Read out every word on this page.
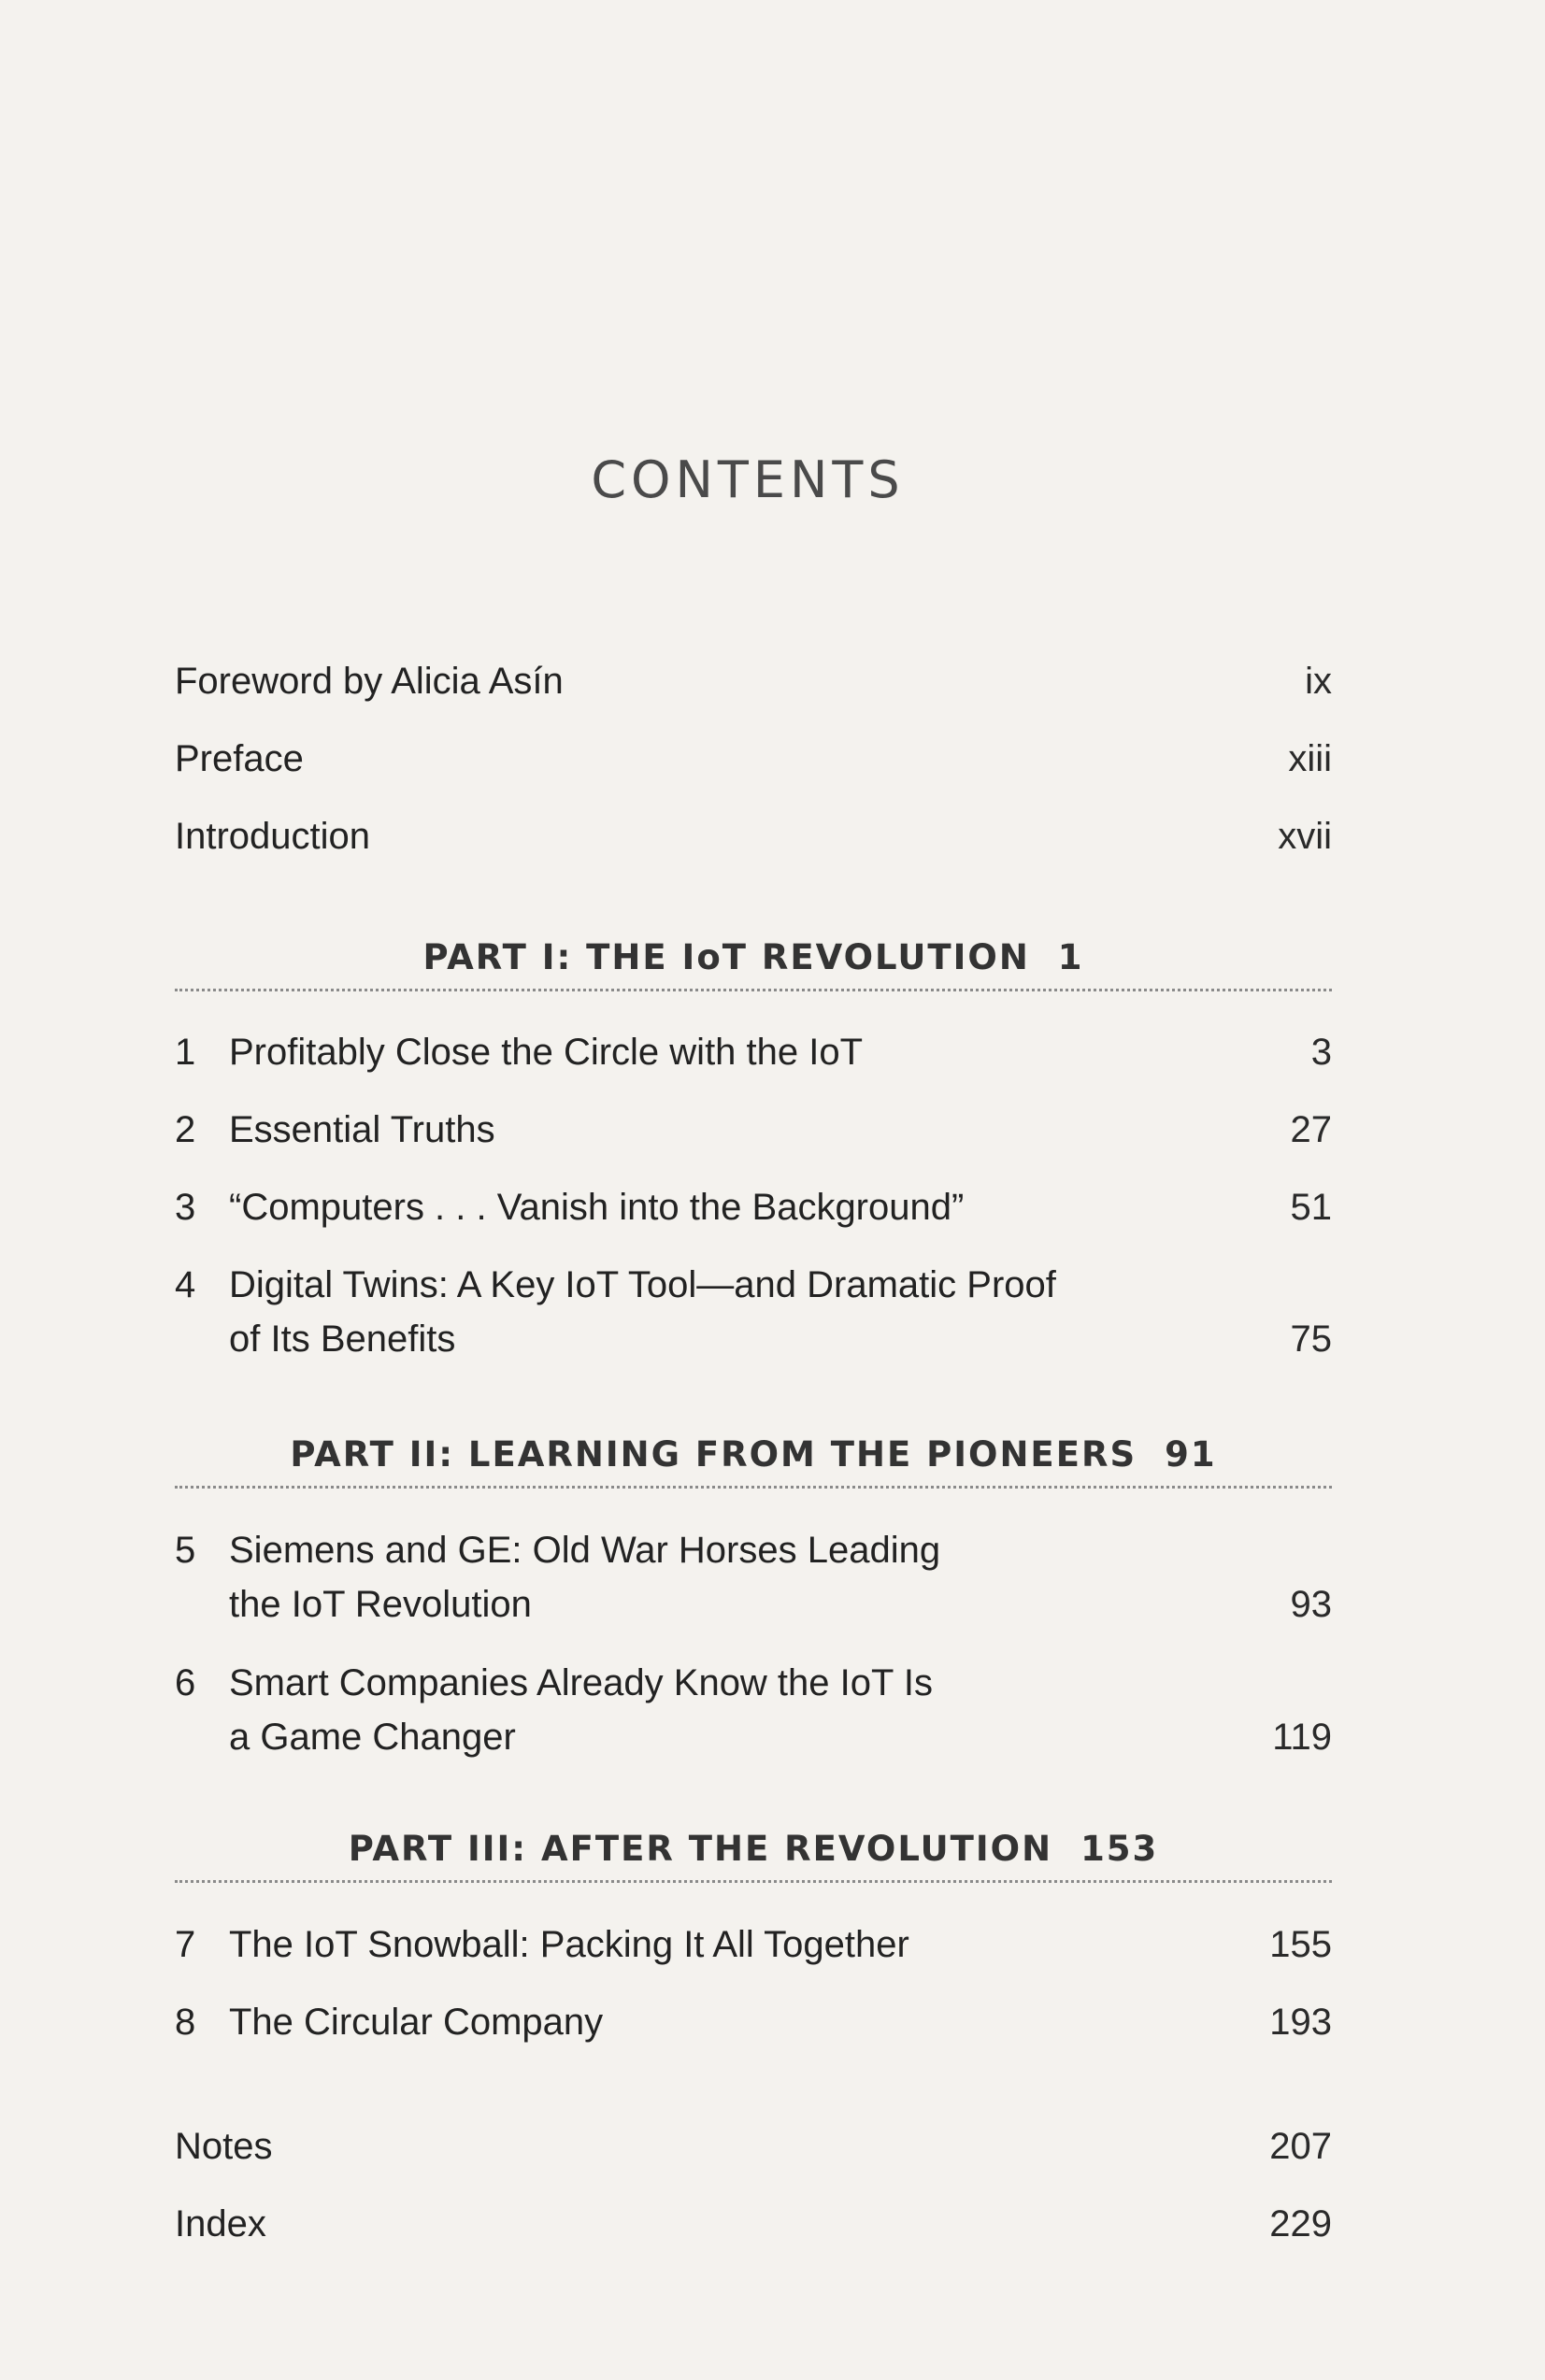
CONTENTS
Foreword by Alicia Asín	ix
Preface	xiii
Introduction	xvii
PART I: THE IoT REVOLUTION 1
1 Profitably Close the Circle with the IoT	3
2 Essential Truths	27
3 “Computers . . . Vanish into the Background”	51
4 Digital Twins: A Key IoT Tool—and Dramatic Proof
of Its Benefits	75
PART II: LEARNING FROM THE PIONEERS 91
5 Siemens and GE: Old War Horses Leading
the IoT Revolution	93
6 Smart Companies Already Know the IoT Is
a Game Changer	119
PART III: AFTER THE REVOLUTION 153
7 The IoT Snowball: Packing It All Together	155
8 The Circular Company	193
Notes	207
Index	229
